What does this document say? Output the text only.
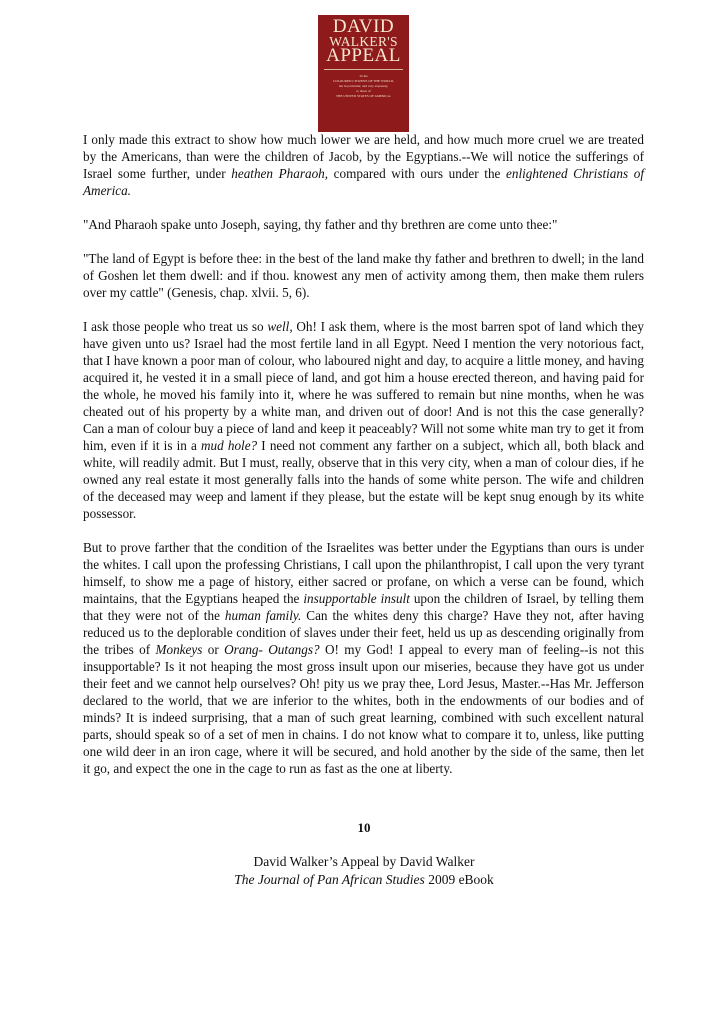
DAVID
WALKER'S
APPEAL
To the
COLOURED CITIZENS OF THE WORLD,
but in particular, and very expressly,
to those of
THE UNITED STATES OF AMERICA.

I only made this extract to show how much lower we are held, and how much more cruel we are treated by the Americans, than were the children of Jacob, by the Egyptians.--We will notice the sufferings of Israel some further, under heathen Pharaoh, compared with ours under the enlightened Christians of America.

"And Pharaoh spake unto Joseph, saying, thy father and thy brethren are come unto thee:"

"The land of Egypt is before thee: in the best of the land make thy father and brethren to dwell; in the land of Goshen let them dwell: and if thou. knowest any men of activity among them, then make them rulers over my cattle" (Genesis, chap. xlvii. 5, 6).

I ask those people who treat us so well, Oh! I ask them, where is the most barren spot of land which they have given unto us? Israel had the most fertile land in all Egypt. Need I mention the very notorious fact, that I have known a poor man of colour, who laboured night and day, to acquire a little money, and having acquired it, he vested it in a small piece of land, and got him a house erected thereon, and having paid for the whole, he moved his family into it, where he was suffered to remain but nine months, when he was cheated out of his property by a white man, and driven out of door! And is not this the case generally? Can a man of colour buy a piece of land and keep it peaceably? Will not some white man try to get it from him, even if it is in a mud hole? I need not comment any farther on a subject, which all, both black and white, will readily admit. But I must, really, observe that in this very city, when a man of colour dies, if he owned any real estate it most generally falls into the hands of some white person. The wife and children of the deceased may weep and lament if they please, but the estate will be kept snug enough by its white possessor.

But to prove farther that the condition of the Israelites was better under the Egyptians than ours is under the whites. I call upon the professing Christians, I call upon the philanthropist, I call upon the very tyrant himself, to show me a page of history, either sacred or profane, on which a verse can be found, which maintains, that the Egyptians heaped the insupportable insult upon the children of Israel, by telling them that they were not of the human family. Can the whites deny this charge? Have they not, after having reduced us to the deplorable condition of slaves under their feet, held us up as descending originally from the tribes of Monkeys or Orang- Outangs? O! my God! I appeal to every man of feeling--is not this insupportable? Is it not heaping the most gross insult upon our miseries, because they have got us under their feet and we cannot help ourselves? Oh! pity us we pray thee, Lord Jesus, Master.--Has Mr. Jefferson declared to the world, that we are inferior to the whites, both in the endowments of our bodies and of minds? It is indeed surprising, that a man of such great learning, combined with such excellent natural parts, should speak so of a set of men in chains. I do not know what to compare it to, unless, like putting one wild deer in an iron cage, where it will be secured, and hold another by the side of the same, then let it go, and expect the one in the cage to run as fast as the one at liberty.

10
David Walker’s Appeal by David Walker
The Journal of Pan African Studies 2009 eBook
